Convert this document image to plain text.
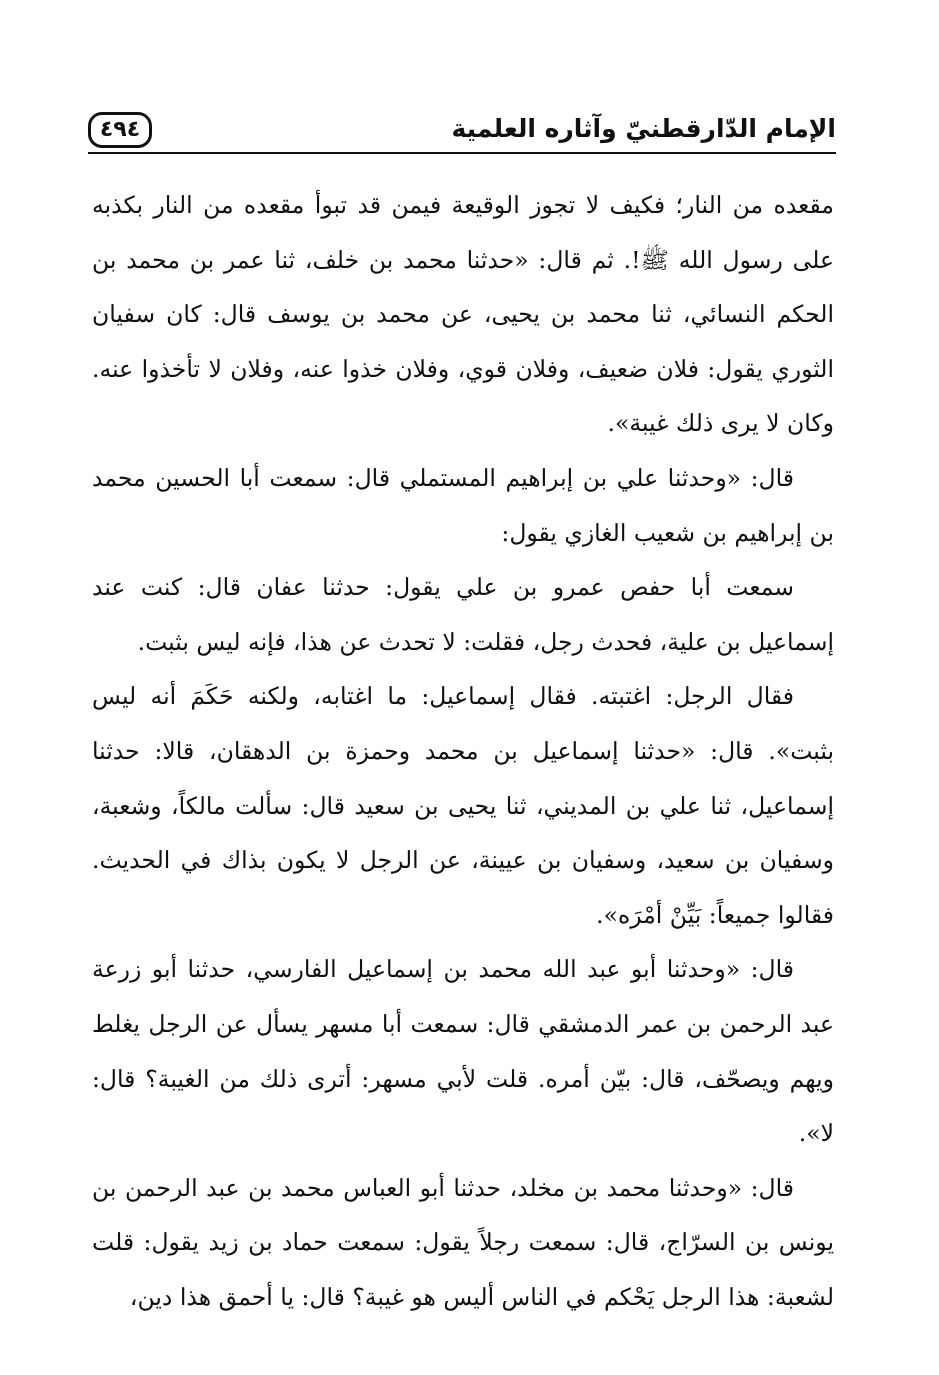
الإمام الدّارقطنيّ وآثاره العلمية
٤٩٤

مقعده من النار؛ فكيف لا تجوز الوقيعة فيمن قد تبوأ مقعده من النار بكذبه على رسول الله ﷺ!. ثم قال: «حدثنا محمد بن خلف، ثنا عمر بن محمد بن الحكم النسائي، ثنا محمد بن يحيى، عن محمد بن يوسف قال: كان سفيان الثوري يقول: فلان ضعيف، وفلان قوي، وفلان خذوا عنه، وفلان لا تأخذوا عنه. وكان لا يرى ذلك غيبة».

قال: «وحدثنا علي بن إبراهيم المستملي قال: سمعت أبا الحسين محمد بن إبراهيم بن شعيب الغازي يقول:

سمعت أبا حفص عمرو بن علي يقول: حدثنا عفان قال: كنت عند إسماعيل بن علية، فحدث رجل، فقلت: لا تحدث عن هذا، فإنه ليس بثبت.

فقال الرجل: اغتبته. فقال إسماعيل: ما اغتابه، ولكنه حَكَمَ أنه ليس بثبت». قال: «حدثنا إسماعيل بن محمد وحمزة بن الدهقان، قالا: حدثنا إسماعيل، ثنا علي بن المديني، ثنا يحيى بن سعيد قال: سألت مالكاً، وشعبة، وسفيان بن سعيد، وسفيان بن عيينة، عن الرجل لا يكون بذاك في الحديث. فقالوا جميعاً: بَيِّنْ أمْرَه».

قال: «وحدثنا أبو عبد الله محمد بن إسماعيل الفارسي، حدثنا أبو زرعة عبد الرحمن بن عمر الدمشقي قال: سمعت أبا مسهر يسأل عن الرجل يغلط ويهم ويصحّف، قال: بيّن أمره. قلت لأبي مسهر: أترى ذلك من الغيبة؟ قال: لا».

قال: «وحدثنا محمد بن مخلد، حدثنا أبو العباس محمد بن عبد الرحمن بن يونس بن السرّاج، قال: سمعت رجلاً يقول: سمعت حماد بن زيد يقول: قلت لشعبة: هذا الرجل يَحْكم في الناس أليس هو غيبة؟ قال: يا أحمق هذا دين،
